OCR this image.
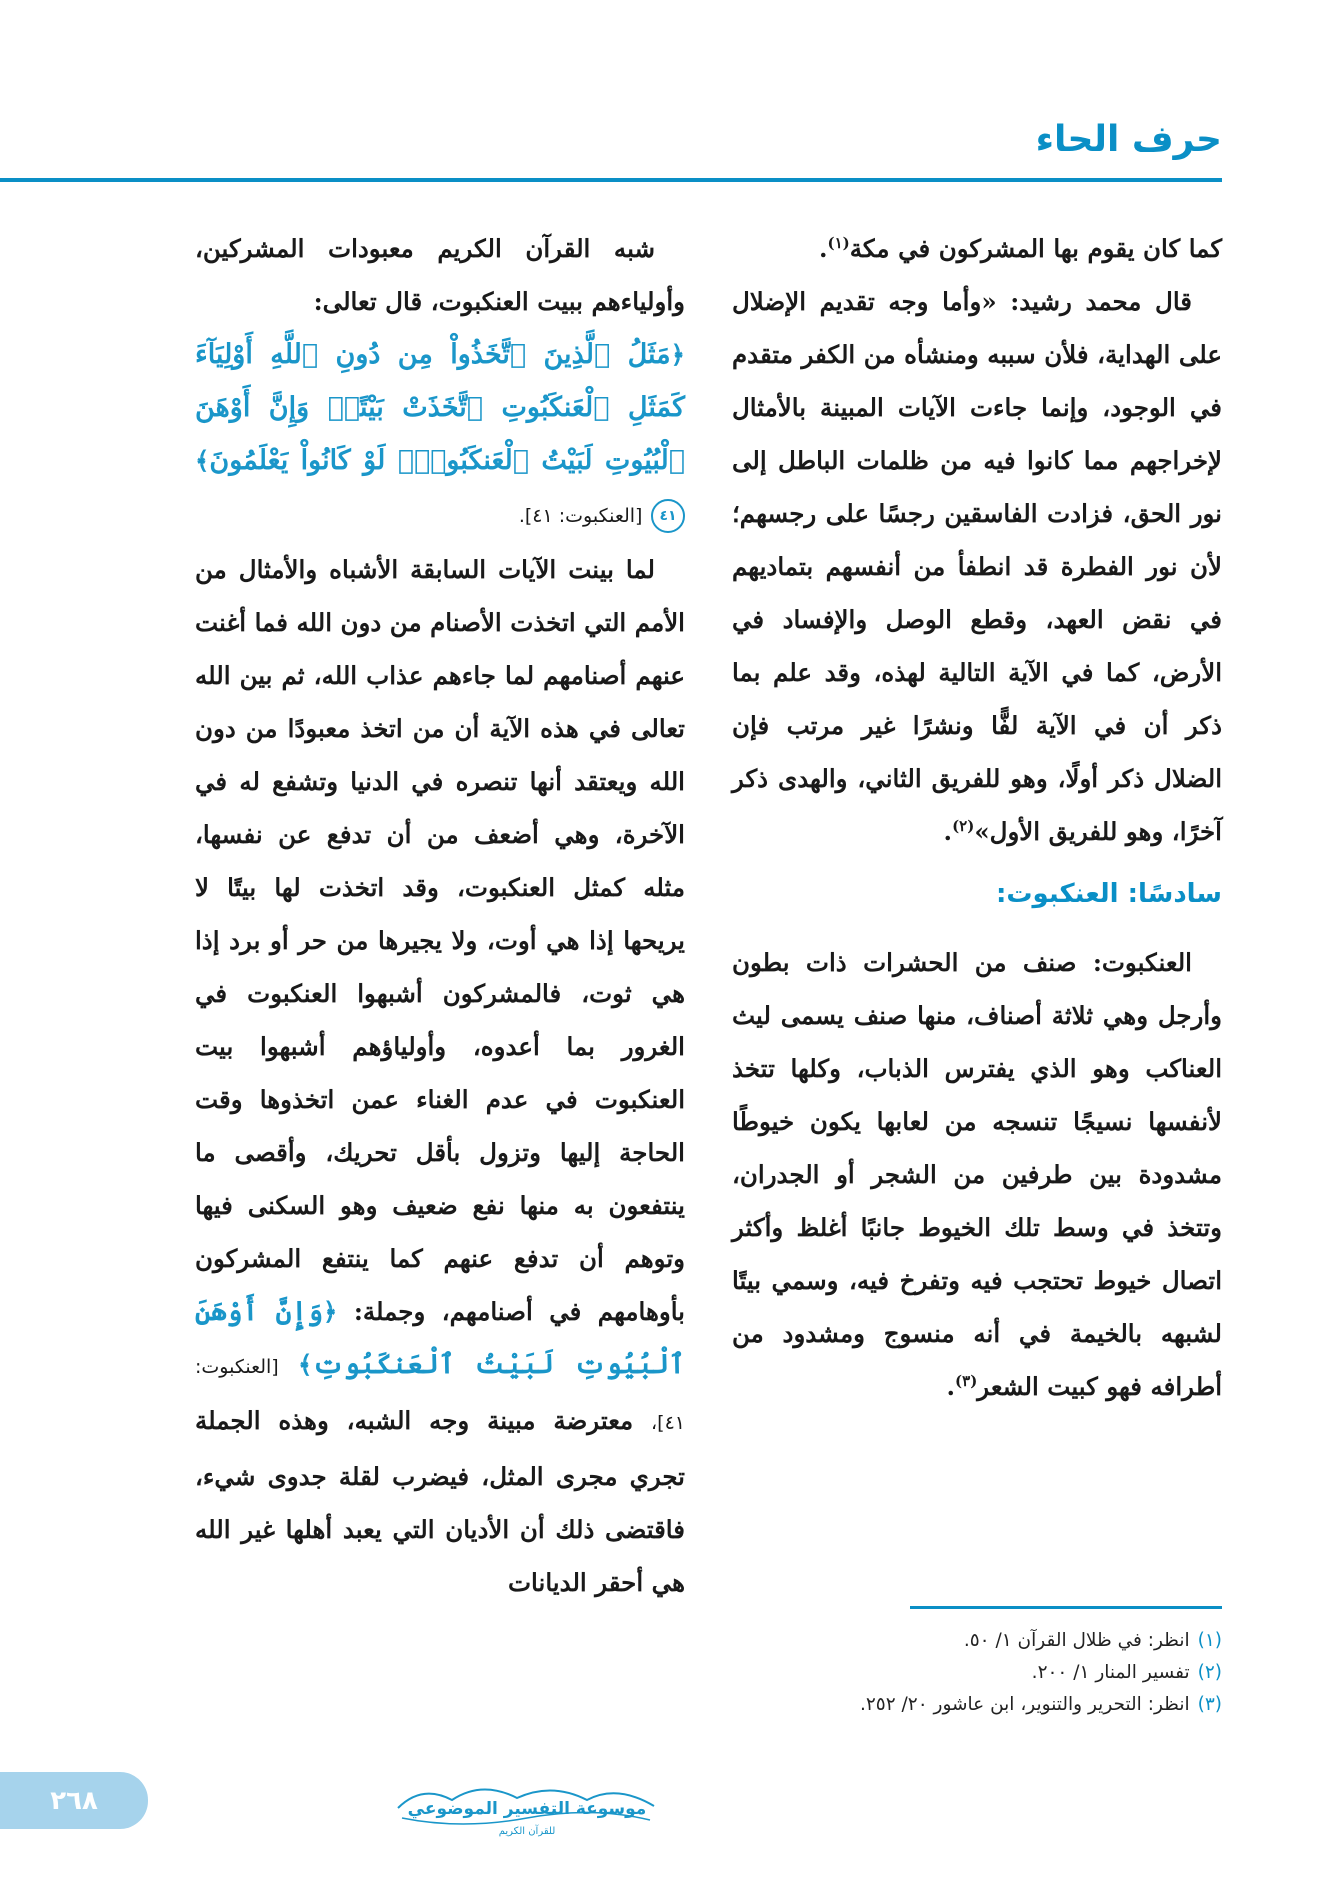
حرف الحاء

كما كان يقوم بها المشركون في مكة$^{(١)}$.

قال محمد رشيد: «وأما وجه تقديم الإضلال على الهداية، فلأن سببه ومنشأه من الكفر متقدم في الوجود، وإنما جاءت الآيات المبينة بالأمثال لإخراجهم مما كانوا فيه من ظلمات الباطل إلى نور الحق، فزادت الفاسقين رجسًا على رجسهم؛ لأن نور الفطرة قد انطفأ من أنفسهم بتماديهم في نقض العهد، وقطع الوصل والإفساد في الأرض، كما في الآية التالية لهذه، وقد علم بما ذكر أن في الآية لفًّا ونشرًا غير مرتب فإن الضلال ذكر أولًا، وهو للفريق الثاني، والهدى ذكر آخرًا، وهو للفريق الأول»$^{(٢)}$.

سادسًا: العنكبوت:

العنكبوت: صنف من الحشرات ذات بطون وأرجل وهي ثلاثة أصناف، منها صنف يسمى ليث العناكب وهو الذي يفترس الذباب، وكلها تتخذ لأنفسها نسيجًا تنسجه من لعابها يكون خيوطًا مشدودة بين طرفين من الشجر أو الجدران، وتتخذ في وسط تلك الخيوط جانبًا أغلظ وأكثر اتصال خيوط تحتجب فيه وتفرخ فيه، وسمي بيتًا لشبهه بالخيمة في أنه منسوج ومشدود من أطرافه فهو كبيت الشعر$^{(٣)}$.

شبه القرآن الكريم معبودات المشركين، وأولياءهم ببيت العنكبوت، قال تعالى:

﴿مَثَلُ ٱلَّذِينَ ٱتَّخَذُواْ مِن دُونِ ٱللَّهِ أَوْلِيَآءَ كَمَثَلِ ٱلْعَنكَبُوتِ ٱتَّخَذَتْ بَيْتًاۖ وَإِنَّ أَوْهَنَ ٱلْبُيُوتِ لَبَيْتُ ٱلْعَنكَبُوتِۖ لَوْ كَانُواْ يَعْلَمُونَ﴾ ٤١ [العنكبوت: ٤١].

لما بينت الآيات السابقة الأشباه والأمثال من الأمم التي اتخذت الأصنام من دون الله فما أغنت عنهم أصنامهم لما جاءهم عذاب الله، ثم بين الله تعالى في هذه الآية أن من اتخذ معبودًا من دون الله ويعتقد أنها تنصره في الدنيا وتشفع له في الآخرة، وهي أضعف من أن تدفع عن نفسها، مثله كمثل العنكبوت، وقد اتخذت لها بيتًا لا يريحها إذا هي أوت، ولا يجيرها من حر أو برد إذا هي ثوت، فالمشركون أشبهوا العنكبوت في الغرور بما أعدوه، وأولياؤهم أشبهوا بيت العنكبوت في عدم الغناء عمن اتخذوها وقت الحاجة إليها وتزول بأقل تحريك، وأقصى ما ينتفعون به منها نفع ضعيف وهو السكنى فيها وتوهم أن تدفع عنهم كما ينتفع المشركون بأوهامهم في أصنامهم، وجملة: ﴿وَإِنَّ أَوْهَنَ ٱلْبُيُوتِ لَبَيْتُ ٱلْعَنكَبُوتِ﴾ [العنكبوت: ٤١]، معترضة مبينة وجه الشبه، وهذه الجملة تجري مجرى المثل، فيضرب لقلة جدوى شيء، فاقتضى ذلك أن الأديان التي يعبد أهلها غير الله هي أحقر الديانات

(١)انظر: في ظلال القرآن ١/ ٥٠.

(٢)تفسير المنار ١/ ٢٠٠.

(٣)انظر: التحرير والتنوير، ابن عاشور ٢٠/ ٢٥٢.

٢٦٨	موسوعة التفسير الموضوعي
للقرآن الكريم
